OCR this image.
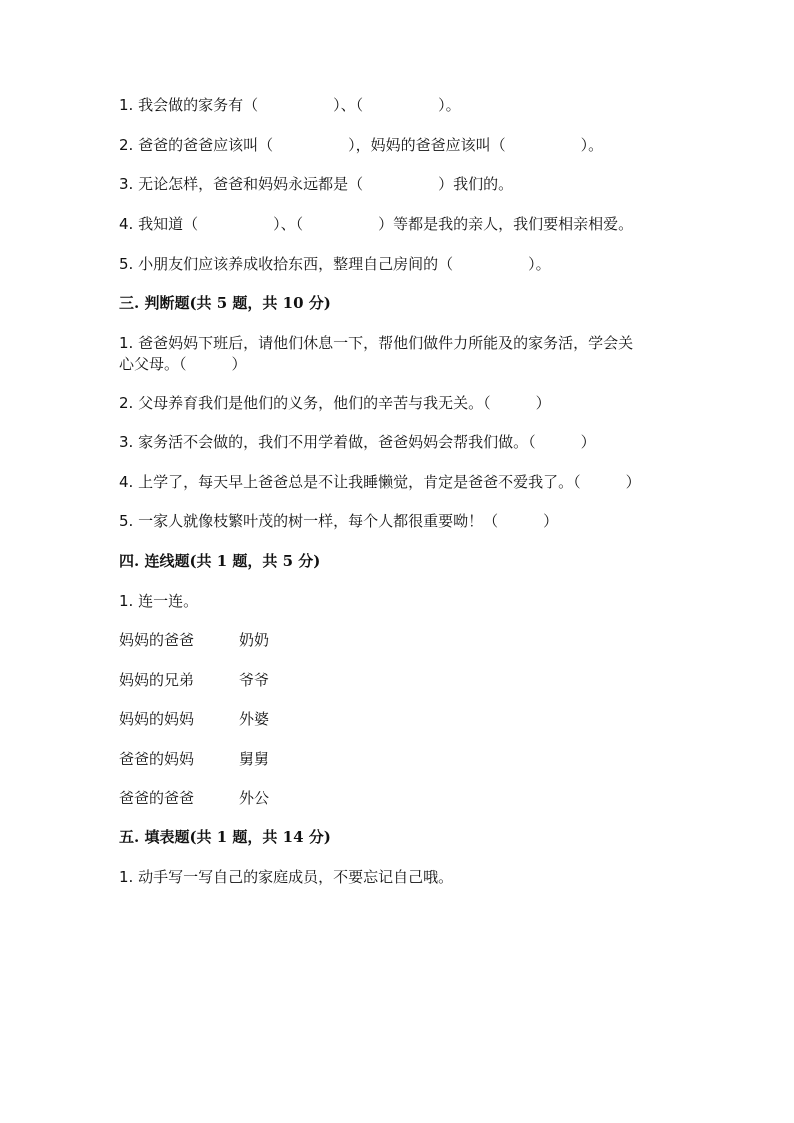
1. 我会做的家务有（　　　　　）、（　　　　　）。
2. 爸爸的爸爸应该叫（　　　　　），妈妈的爸爸应该叫（　　　　　）。
3. 无论怎样，爸爸和妈妈永远都是（　　　　　）我们的。
4. 我知道（　　　　　）、（　　　　　）等都是我的亲人，我们要相亲相爱。
5. 小朋友们应该养成收拾东西，整理自己房间的（　　　　　）。
三. 判断题(共 5 题，共 10 分)
1. 爸爸妈妈下班后，请他们休息一下，帮他们做件力所能及的家务活，学会关
心父母。（　　　）
2. 父母养育我们是他们的义务，他们的辛苦与我无关。（　　　）
3. 家务活不会做的，我们不用学着做，爸爸妈妈会帮我们做。（　　　）
4. 上学了，每天早上爸爸总是不让我睡懒觉，肯定是爸爸不爱我了。（　　　）
5. 一家人就像枝繁叶茂的树一样，每个人都很重要呦！（　　　）
四. 连线题(共 1 题，共 5 分)
1. 连一连。
妈妈的爸爸	奶奶
妈妈的兄弟	爷爷
妈妈的妈妈	外婆
爸爸的妈妈	舅舅
爸爸的爸爸	外公
五. 填表题(共 1 题，共 14 分)
1. 动手写一写自己的家庭成员，不要忘记自己哦。
